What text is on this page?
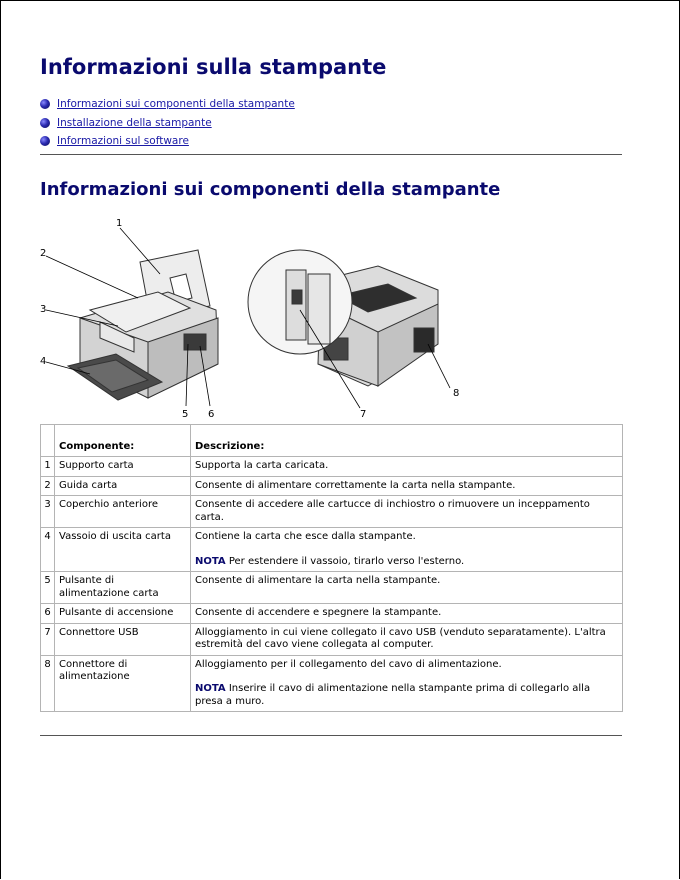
Informazioni sulla stampante
Informazioni sui componenti della stampante
Installazione della stampante
Informazioni sul software
Informazioni sui componenti della stampante
1
2
3
4
5 6	7
8
	Componente:	Descrizione:
1	Supporto carta	Supporta la carta caricata.
2	Guida carta	Consente di alimentare correttamente la carta nella stampante.
3	Coperchio anteriore	Consente di accedere alle cartucce di inchiostro o rimuovere un inceppamento carta.
4	Vassoio di uscita carta	Contiene la carta che esce dalla stampante.
NOTA Per estendere il vassoio, tirarlo verso l'esterno.

5	Pulsante di alimentazione carta	Consente di alimentare la carta nella stampante.
6	Pulsante di accensione	Consente di accendere e spegnere la stampante.
7	Connettore USB	Alloggiamento in cui viene collegato il cavo USB (venduto separatamente). L'altra estremità del cavo viene collegata al computer.
8	Connettore di alimentazione	Alloggiamento per il collegamento del cavo di alimentazione.
NOTA Inserire il cavo di alimentazione nella stampante prima di collegarlo alla presa a muro.
